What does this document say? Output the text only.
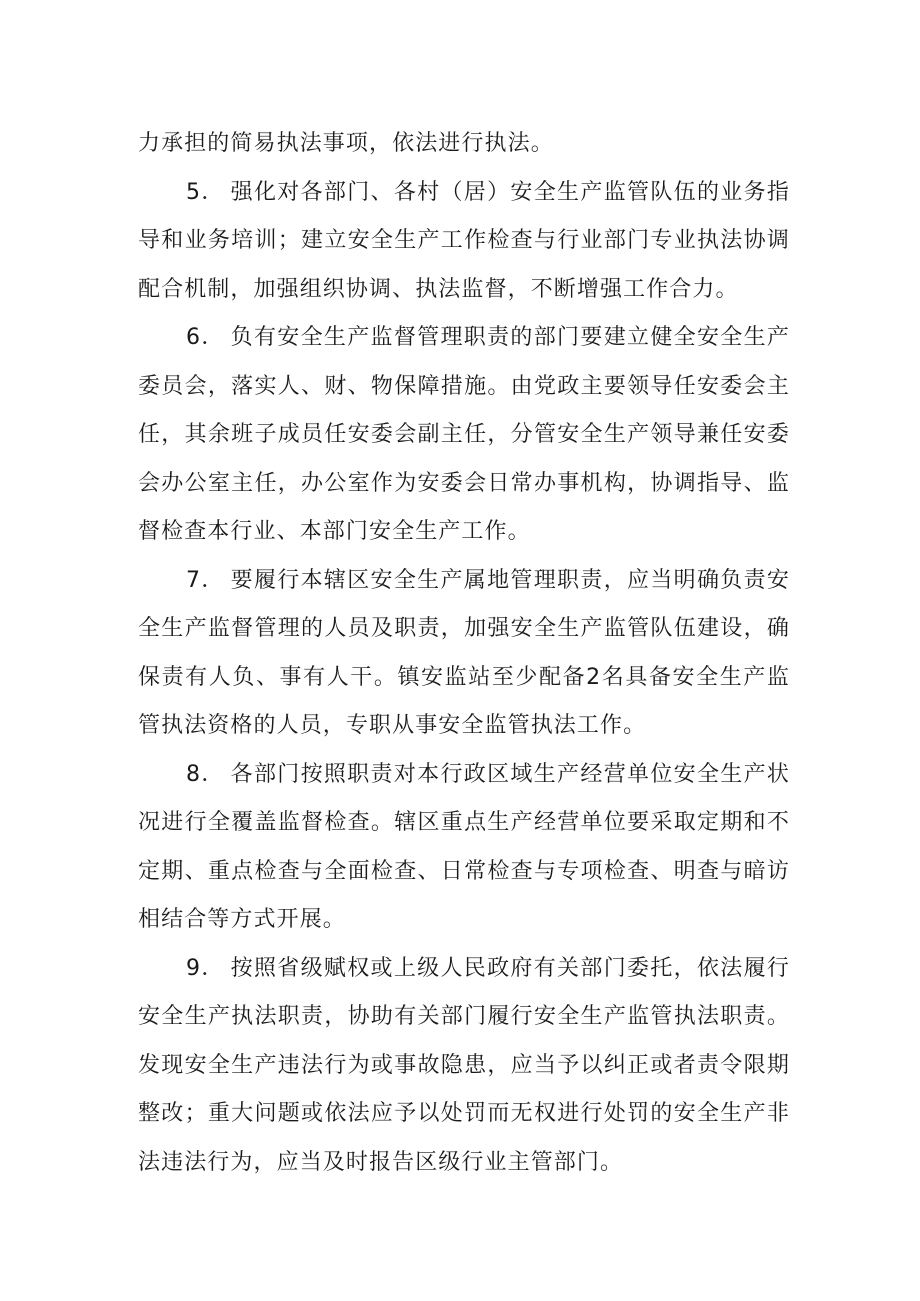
力承担的简易执法事项，依法进行执法。

5． 强化对各部门、各村（居）安全生产监管队伍的业务指导和业务培训；建立安全生产工作检查与行业部门专业执法协调配合机制，加强组织协调、执法监督，不断增强工作合力。

6． 负有安全生产监督管理职责的部门要建立健全安全生产委员会，落实人、财、物保障措施。由党政主要领导任安委会主任，其余班子成员任安委会副主任，分管安全生产领导兼任安委会办公室主任，办公室作为安委会日常办事机构，协调指导、监督检查本行业、本部门安全生产工作。

7． 要履行本辖区安全生产属地管理职责，应当明确负责安全生产监督管理的人员及职责，加强安全生产监管队伍建设，确保责有人负、事有人干。镇安监站至少配备2名具备安全生产监管执法资格的人员，专职从事安全监管执法工作。

8． 各部门按照职责对本行政区域生产经营单位安全生产状况进行全覆盖监督检查。辖区重点生产经营单位要采取定期和不定期、重点检查与全面检查、日常检查与专项检查、明查与暗访相结合等方式开展。

9． 按照省级赋权或上级人民政府有关部门委托，依法履行安全生产执法职责，协助有关部门履行安全生产监管执法职责。发现安全生产违法行为或事故隐患，应当予以纠正或者责令限期整改；重大问题或依法应予以处罚而无权进行处罚的安全生产非法违法行为，应当及时报告区级行业主管部门。
